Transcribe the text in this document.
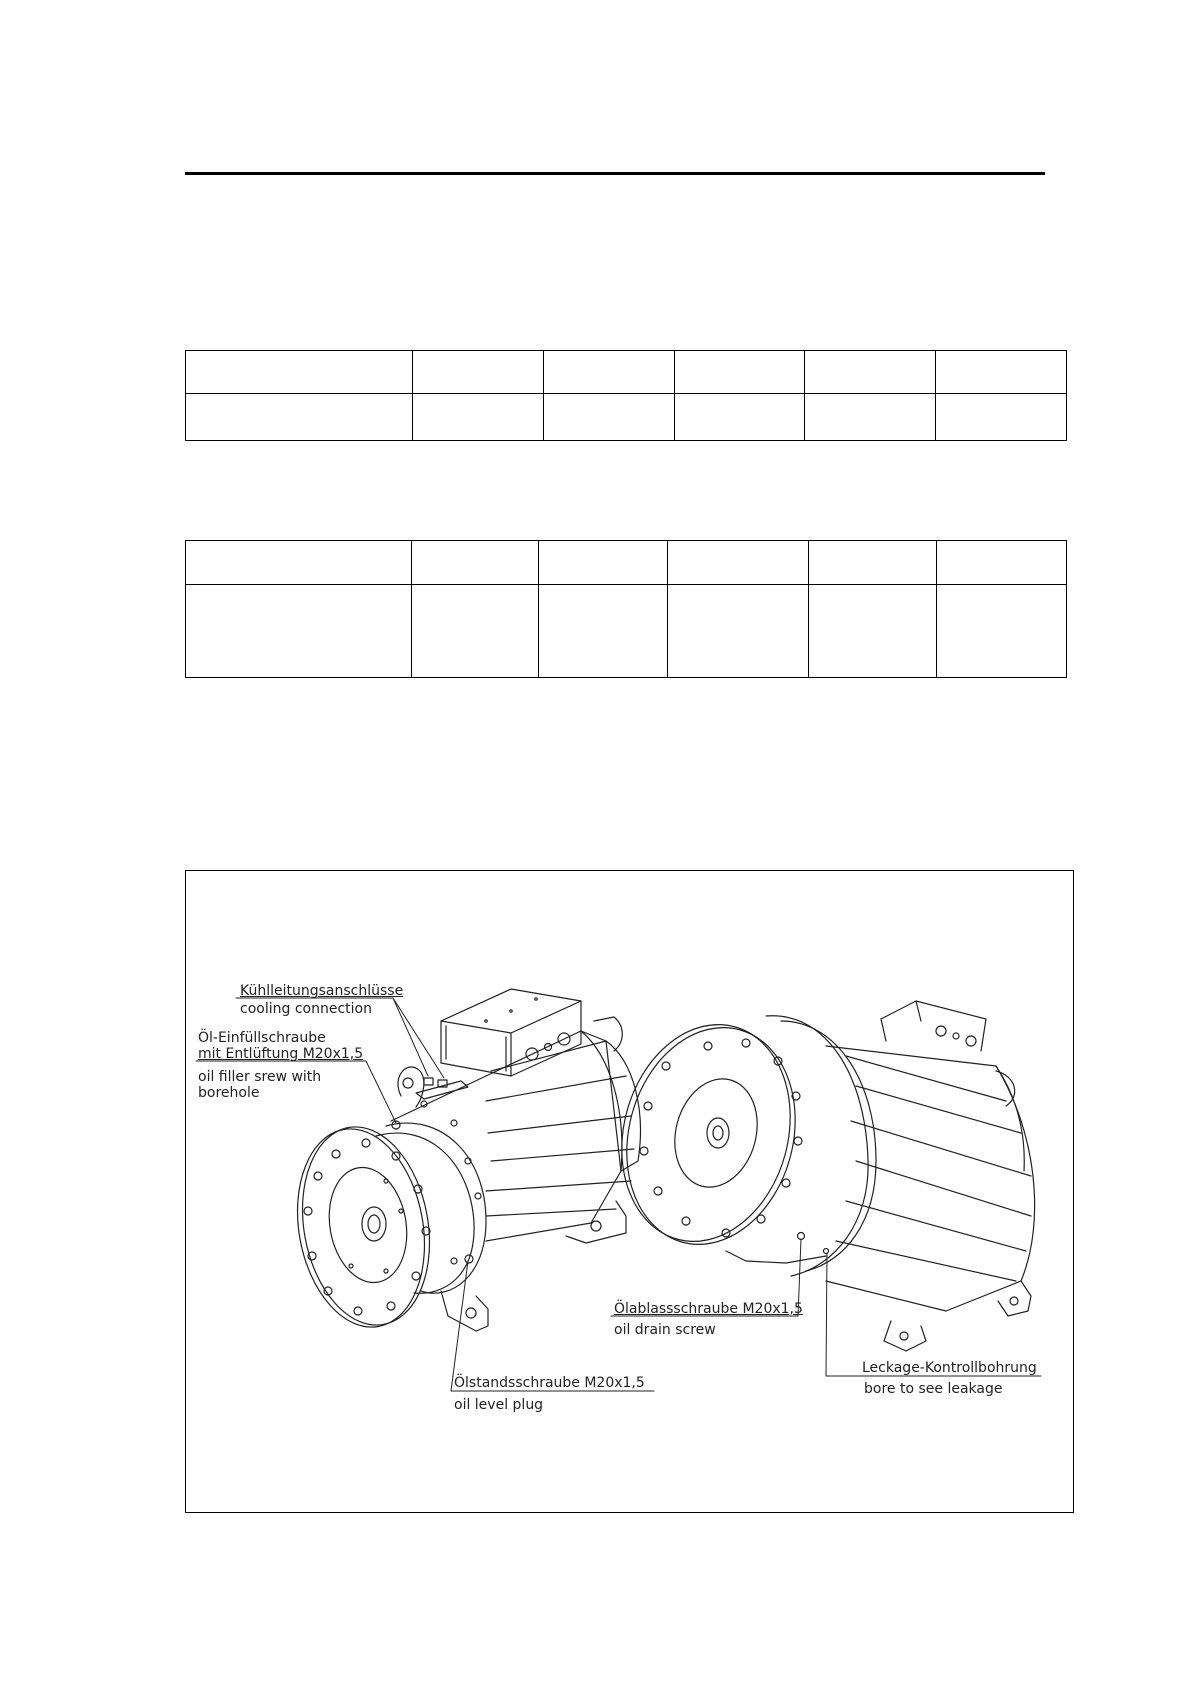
Kühlleitungsanschlüsse
cooling connection
Öl-Einfüllschraube
mit Entlüftung M20x1,5
oil filler srew with
borehole
Ölablassschraube M20x1,5
oil drain screw
Ölstandsschraube M20x1,5
oil level plug
Leckage-Kontrollbohrung
bore to see leakage
